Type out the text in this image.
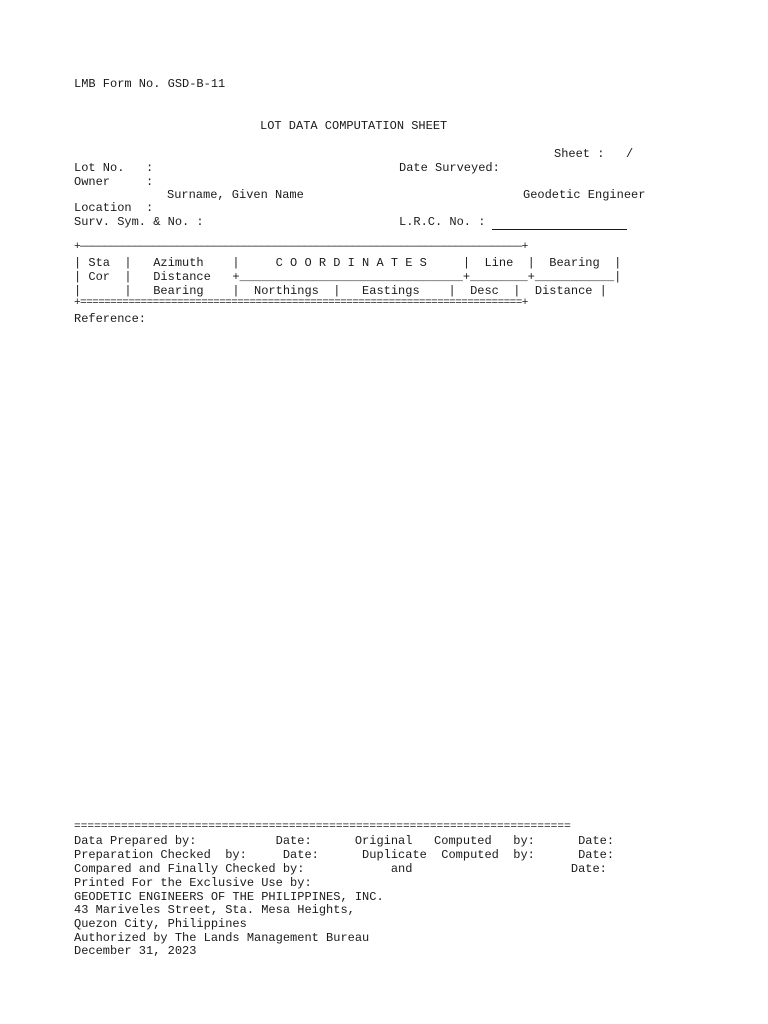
LMB Form No. GSD-B-11
LOT DATA COMPUTATION SHEET
Sheet :   /
Lot No.   :	Date Surveyed:
Owner     :
Surname, Given Name	Geodetic Engineer
Location  :
Surv. Sym. & No. :	L.R.C. No. :
+—————————————————————————————————————————————————————————————————————————+
| Sta  |   Azimuth    |     C O O R D I N A T E S     |  Line  |  Bearing  |
| Cor  |   Distance   +_______________________________+________+___________|
|      |   Bearing    |  Northings  |   Eastings    |  Desc  |  Distance |
+=========================================================================+
Reference:
==========================================================================
Data Prepared by:           Date:      Original   Computed   by:      Date:
Preparation Checked  by:     Date:      Duplicate  Computed  by:      Date:
Compared and Finally Checked by:            and                      Date:
Printed For the Exclusive Use by:
GEODETIC ENGINEERS OF THE PHILIPPINES, INC.
43 Mariveles Street, Sta. Mesa Heights,
Quezon City, Philippines
Authorized by The Lands Management Bureau
December 31, 2023
